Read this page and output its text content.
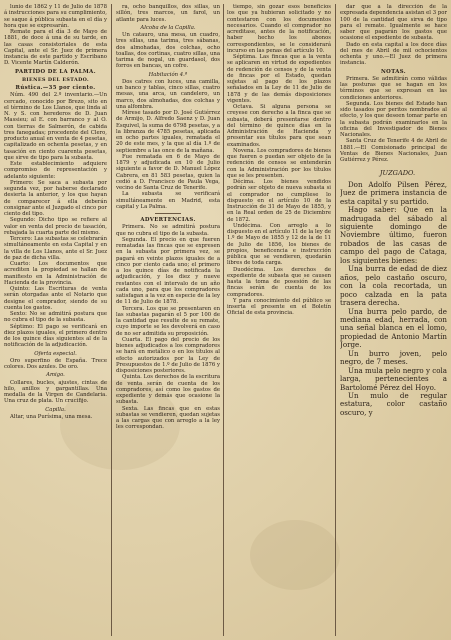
lunio de 1862 y 11 de Julio de 1878 á instrucciones para su cumplimiento, se saque á pública subasta en el día y hora que se expresarán.

Remate para el día 3 de Mayo de 1881, de doce á una de su tarde, en las casas consistoriales de esta Capital, ante el Sr. Juez de primera instancia de este partido y Escribano D. Vicente Martín Calderón.

PARTIDO DE LA PALMA.

BIENES DEL ESTADO.

Rústica.—35 por ciento.

Núm. 490 del 2.º inventario.—Un cercado, conocido por Brezo, sito en el término de Los Llanos, que linda al N. y S. con herederos de D. Juan Massieu; al E. con barranco y al O. con tierras de Salmerón, de cabida tres fanegadas; procedente del Clero, producto anual en venta de 4 pesetas, capitalizado en ochenta pesetas, y en tasación en ciento cuarenta pesetas, que sirve de tipo para la subasta.

Este establecimiento adquiere compromiso de representación y adelanto siguiente:

Primero: Se saca a subasta por segunda vez, por haberse declarado desierta la anterior, y los que hayan de comparecer á ella deberán consignar ante el Juzgado el cinco por ciento del tipo.

Segundo: Dicho tipo se refiere al valor en venta del precio de tasación, rebajada la cuarta parte del mismo.

Tercero: Las subastas se celebrarán simultáneamente en esta Capital y en la villa de Los Llanos, ante el Sr. Juez de paz de dicha villa.

Cuarto: Los documentos que acrediten la propiedad se hallan de manifiesto en la Administración de Hacienda de la provincia.

Quinto: Las Escrituras de venta serán otorgadas ante el Notario que designe el comprador, siendo de su cuenta los gastos.

Sexto: No se admitirá postura que no cubra el tipo de la subasta.

Séptimo: El pago se verificará en diez plazos iguales, el primero dentro de los quince días siguientes al de la notificación de la adjudicación.

Oferta especial.

Oro superfino de España. Trece colores. Dos azules. De oro.

Amigo.

Collares, bucles, ajustes, cintas de hilo, anillos y gargantillas. Una medalla de la Virgen de Candelaria. Una cruz de plata. Un crucifijo.

Capilla.

Altar, una Purísima, una mesa.

ra, ocho banquillos, dos sillas, un sillón, tres marcos, un farol, un atlante para luces.

Alcoba de la Capilla.

Un catauro, una mesa, un cuadro, tres sillas, una tarima, tres sábanas, dos almohadas, dos colchas, ocho toallas, dos cortinas, cuatro sillas, una tarima de nogal, un guardasol, dos forros en bancas, un cofre.

Habitación 4.ª

Dos catres con luces, una camilla, un banco y tablas, cinco sillas, cuatro mesas, una arca, un candelero, un marco, dos almohadas, dos colchas y una alfombra.

Mírese tasado por D. José Gutiérrez de Armijo, D. Alfredo Saenz y D. Juan Esquivel, la suma de 6798 pesetas, y a la libranza de 4785 pesetas, aplicada en ocho partes iguales, rematada el 20 de este mes, y la que al día 1.º de septiembre a las once de la mañana.

Fue rematada en 6 de Mayo de 1879 y adjudicada en 10 de Julio siguiente a favor de D. Manuel López Cabrera, en 81 583 pesetas, quien la cedió a D. Francisco de Paula Vega, vecino de Santa Cruz de Tenerife.

La subasta se verificará simultáneamente en Madrid, esta capital y La Palma.

ADVERTENCIAS.

Primera. No se admitirá postura que no cubra el tipo de la subasta.

Segunda. El precio en que fueren rematadas las fincas que se expresen en la subasta por primera vez, se pagará en veinte plazos iguales de a cinco por ciento cada uno; el primero a los quince días de notificada la adjudicación, y los diez y nueve restantes con el intervalo de un año cada uno, para que los compradores satisfagan a la vez en especie de la ley de 11 de Julio de 1878.

Tercera. Los que se presentaren en las subastas pagarán el 5 por 100 de la cantidad que resulte de su remate, cuyo importe se les devolverá en caso de no ser admitida su proposición.

Cuarta. El pago del precio de los bienes adjudicados a los compradores se hará en metálico o en los títulos al efecto autorizados por la Ley de Presupuestos de 1.º de Julio de 1876 y disposiciones posteriores.

Quinta. Los derechos de la escritura de venta serán de cuenta de los compradores, así como los gastos de expediente y demás que ocasione la subasta.

Sexta. Las fincas que en estas subastas se vendieren, quedan sujetas a las cargas que con arreglo a la ley les correspondan.

tiempo, sin gozar esos beneficios los que ya hubieran solicitado y no contestaron con los documentos necesarios. Cuando el comprador no acreditase, antes de la notificación, haber hecho los abonos correspondientes, se le considerará incurso en las penas del artículo 10.

Séptima. Las fincas que a la venta se aplicaren en virtud de expedientes de redención de censos y de la venta de fincas por el Estado, quedan sujetas al pago de los plazos señalados en la Ley de 11 de Julio de 1878 y de las demás disposiciones vigentes.

Octava. Si alguna persona se creyese con derecho a la finca que se subasta, deberá presentarse dentro del término de quince días en la Administración de Hacienda y presentar sus títulos para que sean examinados.

Novena. Los compradores de bienes que fueren o puedan ser objeto de la redención de censos se entenderán con la Administración por los títulos que se les presenten.

Décima. Los bienes vendidos podrán ser objeto de nueva subasta si el comprador no cumpliese lo dispuesto en el artículo 10 de la Instrucción de 31 de Mayo de 1855, y en la Real orden de 25 de Diciembre de 1872.

Undécima. Con arreglo a lo dispuesto en el artículo 11 de la ley de 1.º de Mayo de 1855 y 12 de la de 11 de Julio de 1856, los bienes de propios, beneficencia e instrucción pública que se vendieren, quedarán libres de toda carga.

Duodécima. Los derechos de expediente de subasta que se causen hasta la toma de posesión de las fincas serán de cuenta de los compradores.

Y para conocimiento del público se inserta el presente en el Boletín Oficial de esta provincia.

dar que a la dirección de la expresada dependencia asistan el 3 por 100 de la cantidad que sirva de tipo para el remate. Igualmente se hace saber que pagarán los gastos que ocasione el expediente de subasta.

Dado en esta capital a los doce días del mes de Abril de mil ochocientos ochenta y uno.—El Juez de primera instancia.

NOTAS.

Primera. Se admitirán como válidas las posturas que se hagan en los términos que se expresan en las condiciones anteriores.

Segunda. Los bienes del Estado han sido tasados por peritos nombrados al efecto, y los que deseen tomar parte en la subasta podrán examinarlos en la oficina del Investigador de Bienes Nacionales.

Santa Cruz de Tenerife 4 de Abril de 1881.—El Comisionado principal de Ventas de Bienes Nacionales, Juan Gutiérrez y Pérez.

JUZGADO.

Don Adolfo Pilsen Pérez, Juez de primera instancia de esta capital y su partido.

Hago saber: Que en la madrugada del sábado al siguiente domingo de Noviembre último, fueron robados de las casas de campo del pago de Cataga, los siguientes bienes:

Una burra de edad de diez años, pelo castaño oscuro, con la cola recortada, un poco calzada en la pata trasera derecha.

Una burra pelo pardo, de mediana edad, herrada, con una señal blanca en el lomo, propiedad de Antonio Martín Jorge.

Un burro joven, pelo negro, de 7 meses.

Una mula pelo negro y cola larga, pertenecientes a Bartolomé Pérez del Hoyo.

Un mulo de regular estatura, color castaño oscuro, y
